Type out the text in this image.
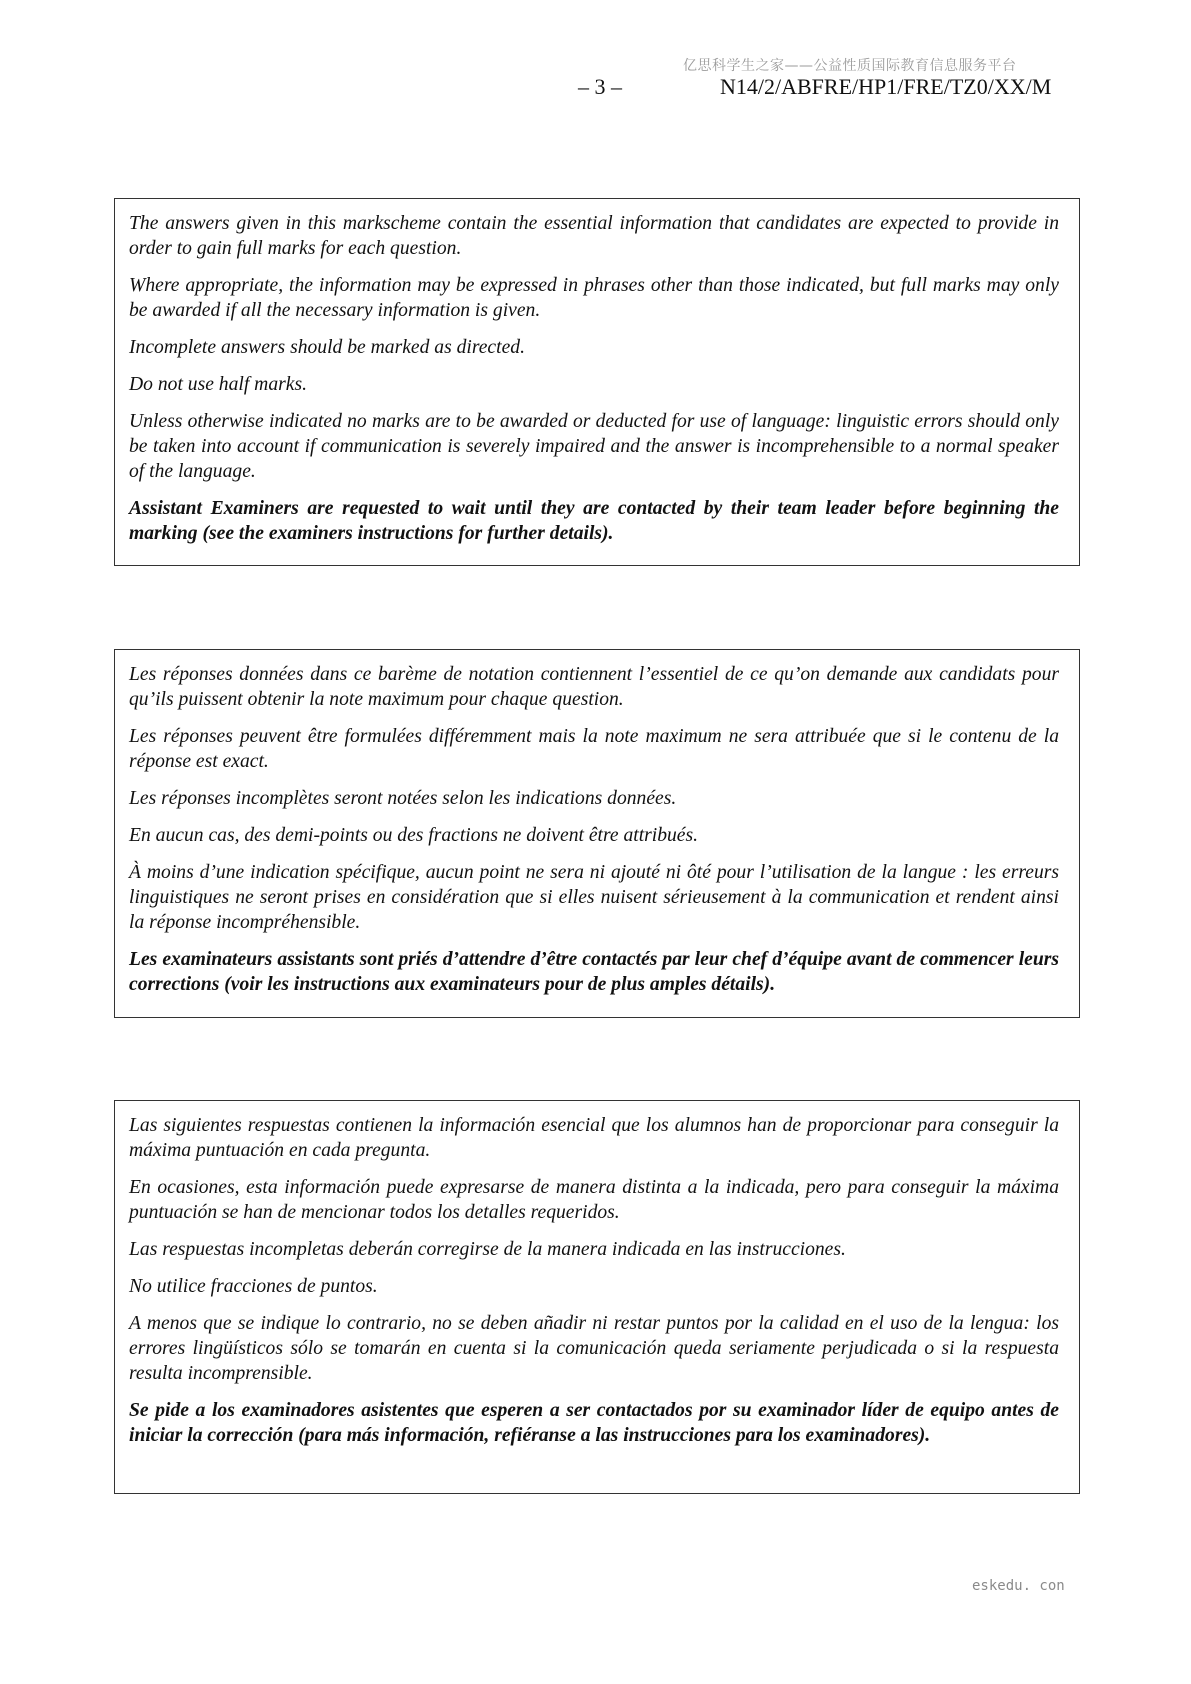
亿思科学生之家——公益性质国际教育信息服务平台
– 3 –	N14/2/ABFRE/HP1/FRE/TZ0/XX/M

The answers given in this markscheme contain the essential information that candidates are expected to provide in order to gain full marks for each question.

Where appropriate, the information may be expressed in phrases other than those indicated, but full marks may only be awarded if all the necessary information is given.

Incomplete answers should be marked as directed.

Do not use half marks.

Unless otherwise indicated no marks are to be awarded or deducted for use of language: linguistic errors should only be taken into account if communication is severely impaired and the answer is incomprehensible to a normal speaker of the language.

Assistant Examiners are requested to wait until they are contacted by their team leader before beginning the marking (see the examiners instructions for further details).

Les réponses données dans ce barème de notation contiennent l’essentiel de ce qu’on demande aux candidats pour qu’ils puissent obtenir la note maximum pour chaque question.

Les réponses peuvent être formulées différemment mais la note maximum ne sera attribuée que si le contenu de la réponse est exact.

Les réponses incomplètes seront notées selon les indications données.

En aucun cas, des demi-points ou des fractions ne doivent être attribués.

À moins d’une indication spécifique, aucun point ne sera ni ajouté ni ôté pour l’utilisation de la langue : les erreurs linguistiques ne seront prises en considération que si elles nuisent sérieusement à la communication et rendent ainsi la réponse incompréhensible.

Les examinateurs assistants sont priés d’attendre d’être contactés par leur chef d’équipe avant de commencer leurs corrections (voir les instructions aux examinateurs pour de plus amples détails).

Las siguientes respuestas contienen la información esencial que los alumnos han de proporcionar para conseguir la máxima puntuación en cada pregunta.

En ocasiones, esta información puede expresarse de manera distinta a la indicada, pero para conseguir la máxima puntuación se han de mencionar todos los detalles requeridos.

Las respuestas incompletas deberán corregirse de la manera indicada en las instrucciones.

No utilice fracciones de puntos.

A menos que se indique lo contrario, no se deben añadir ni restar puntos por la calidad en el uso de la lengua: los errores lingüísticos sólo se tomarán en cuenta si la comunicación queda seriamente perjudicada o si la respuesta resulta incomprensible.

Se pide a los examinadores asistentes que esperen a ser contactados por su examinador líder de equipo antes de iniciar la corrección (para más información, refiéranse a las instrucciones para los examinadores).

eskedu. con
